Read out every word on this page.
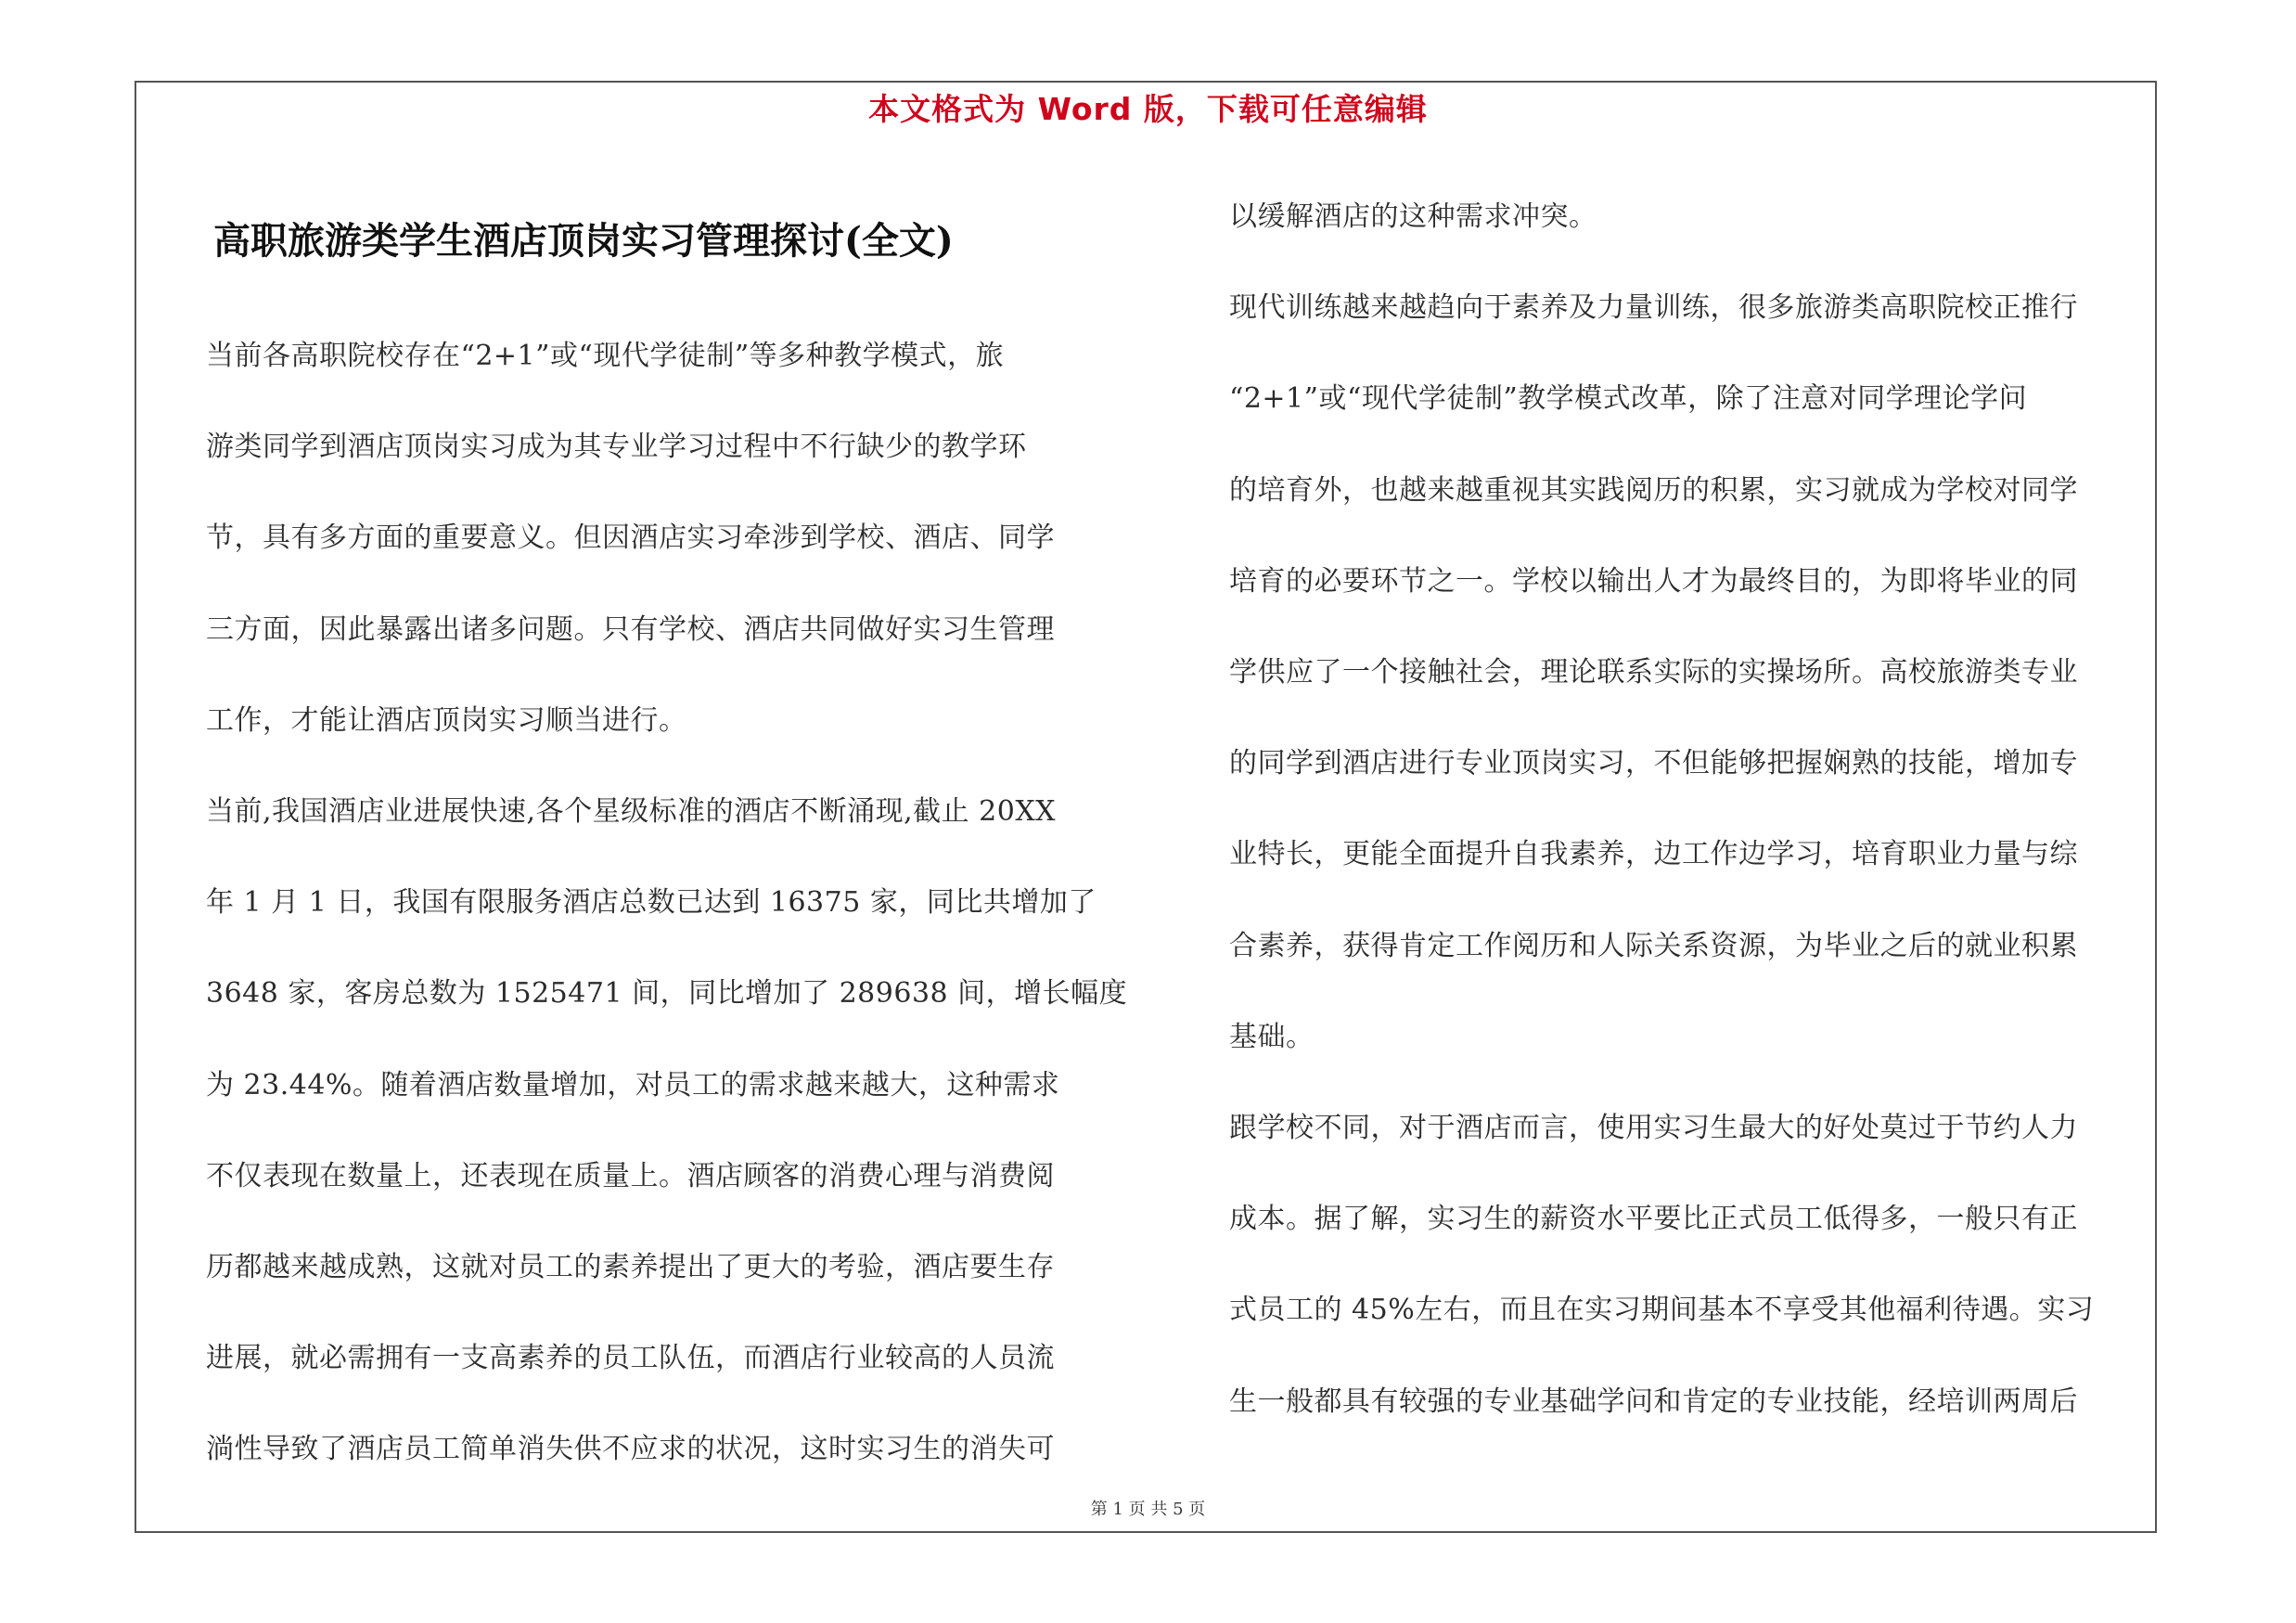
本文格式为 Word 版，下载可任意编辑
高职旅游类学生酒店顶岗实习管理探讨(全文)
当前各高职院校存在“2+1”或“现代学徒制”等多种教学模式，旅
游类同学到酒店顶岗实习成为其专业学习过程中不行缺少的教学环
节，具有多方面的重要意义。但因酒店实习牵涉到学校、酒店、同学
三方面，因此暴露出诸多问题。只有学校、酒店共同做好实习生管理
工作，才能让酒店顶岗实习顺当进行。
当前,我国酒店业进展快速,各个星级标准的酒店不断涌现,截止 20XX
年 1 月 1 日，我国有限服务酒店总数已达到 16375 家，同比共增加了
3648 家，客房总数为 1525471 间，同比增加了 289638 间，增长幅度
为 23.44%。随着酒店数量增加，对员工的需求越来越大，这种需求
不仅表现在数量上，还表现在质量上。酒店顾客的消费心理与消费阅
历都越来越成熟，这就对员工的素养提出了更大的考验，酒店要生存
进展，就必需拥有一支高素养的员工队伍，而酒店行业较高的人员流
淌性导致了酒店员工简单消失供不应求的状况，这时实习生的消失可
以缓解酒店的这种需求冲突。
现代训练越来越趋向于素养及力量训练，很多旅游类高职院校正推行
“2+1”或“现代学徒制”教学模式改革，除了注意对同学理论学问
的培育外，也越来越重视其实践阅历的积累，实习就成为学校对同学
培育的必要环节之一。学校以输出人才为最终目的，为即将毕业的同
学供应了一个接触社会，理论联系实际的实操场所。高校旅游类专业
的同学到酒店进行专业顶岗实习，不但能够把握娴熟的技能，增加专
业特长，更能全面提升自我素养，边工作边学习，培育职业力量与综
合素养，获得肯定工作阅历和人际关系资源，为毕业之后的就业积累
基础。
跟学校不同，对于酒店而言，使用实习生最大的好处莫过于节约人力
成本。据了解，实习生的薪资水平要比正式员工低得多，一般只有正
式员工的 45%左右，而且在实习期间基本不享受其他福利待遇。实习
生一般都具有较强的专业基础学问和肯定的专业技能，经培训两周后
第 1 页 共 5 页
